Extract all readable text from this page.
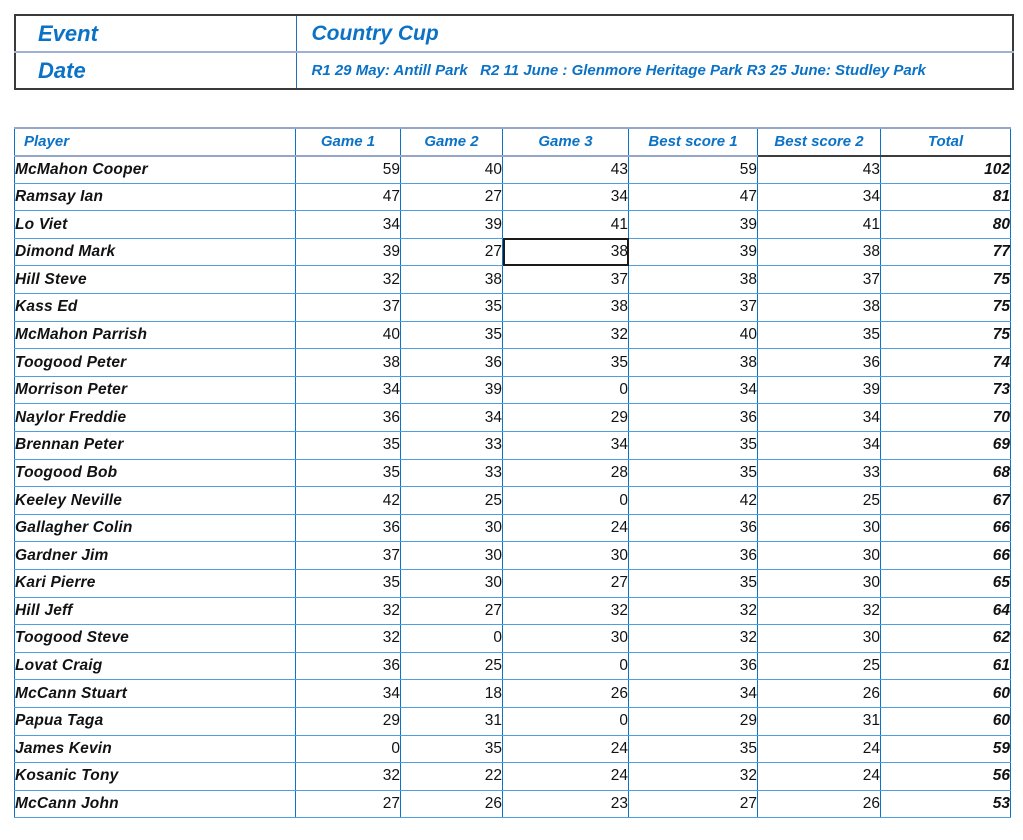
Event	Country Cup
Date	R1 29 May: Antill Park   R2 11 June : Glenmore Heritage Park R3 25 June: Studley Park
Player	Game 1	Game 2	Game 3	Best score 1	Best score 2	Total
McMahon Cooper	59	40	43	59	43	102
Ramsay Ian	47	27	34	47	34	81
Lo Viet	34	39	41	39	41	80
Dimond Mark	39	27	38	39	38	77
Hill Steve	32	38	37	38	37	75
Kass Ed	37	35	38	37	38	75
McMahon Parrish	40	35	32	40	35	75
Toogood Peter	38	36	35	38	36	74
Morrison Peter	34	39	0	34	39	73
Naylor Freddie	36	34	29	36	34	70
Brennan Peter	35	33	34	35	34	69
Toogood Bob	35	33	28	35	33	68
Keeley Neville	42	25	0	42	25	67
Gallagher Colin	36	30	24	36	30	66
Gardner Jim	37	30	30	36	30	66
Kari Pierre	35	30	27	35	30	65
Hill Jeff	32	27	32	32	32	64
Toogood Steve	32	0	30	32	30	62
Lovat Craig	36	25	0	36	25	61
McCann Stuart	34	18	26	34	26	60
Papua Taga	29	31	0	29	31	60
James Kevin	0	35	24	35	24	59
Kosanic Tony	32	22	24	32	24	56
McCann John	27	26	23	27	26	53
